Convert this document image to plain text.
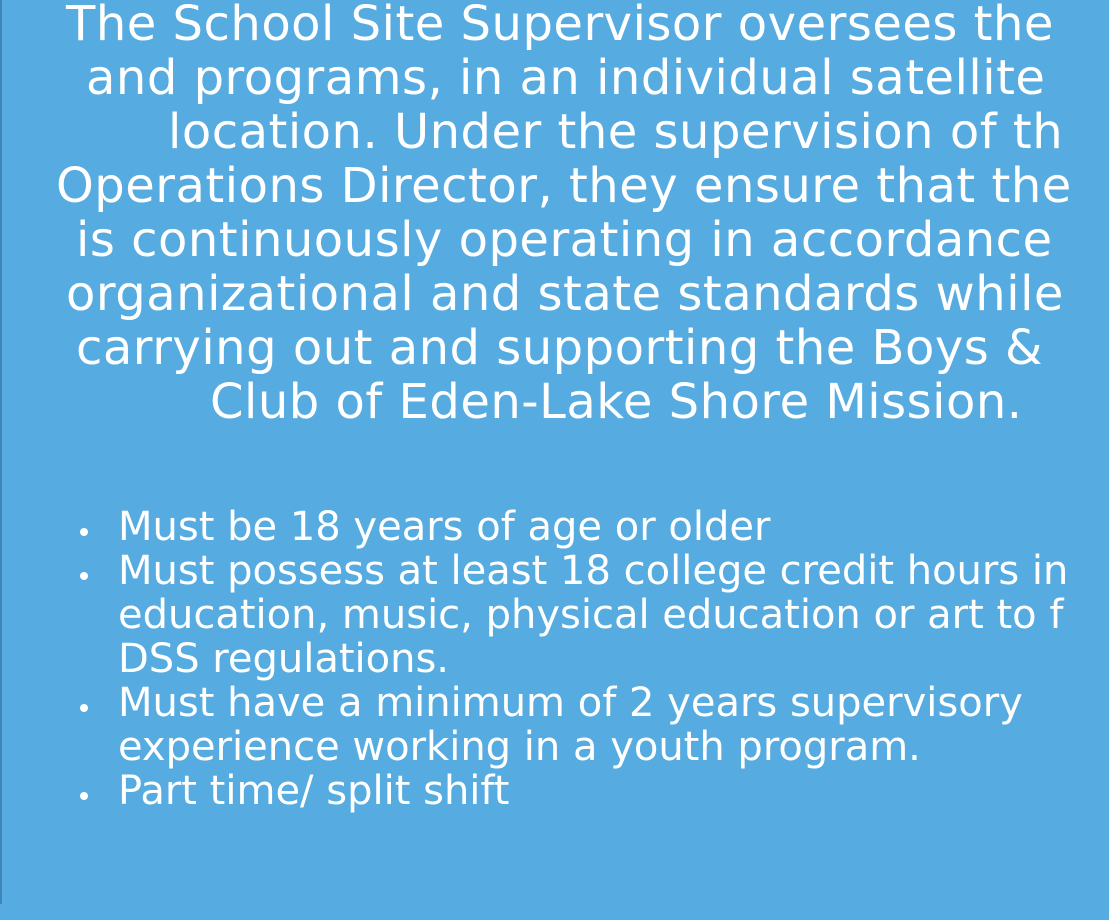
The School Site Supervisor oversees the
and programs, in an individual satellite
location. Under the supervision of th
Operations Director, they ensure that the
is continuously operating in accordance
organizational and state standards while
carrying out and supporting the Boys &
Club of Eden-Lake Shore Mission.
Must be 18 years of age or older
Must possess at least 18 college credit hours in
education, music, physical education or art to f
DSS regulations.
Must have a minimum of 2 years supervisory
experience working in a youth program.
Part time/ split shift
